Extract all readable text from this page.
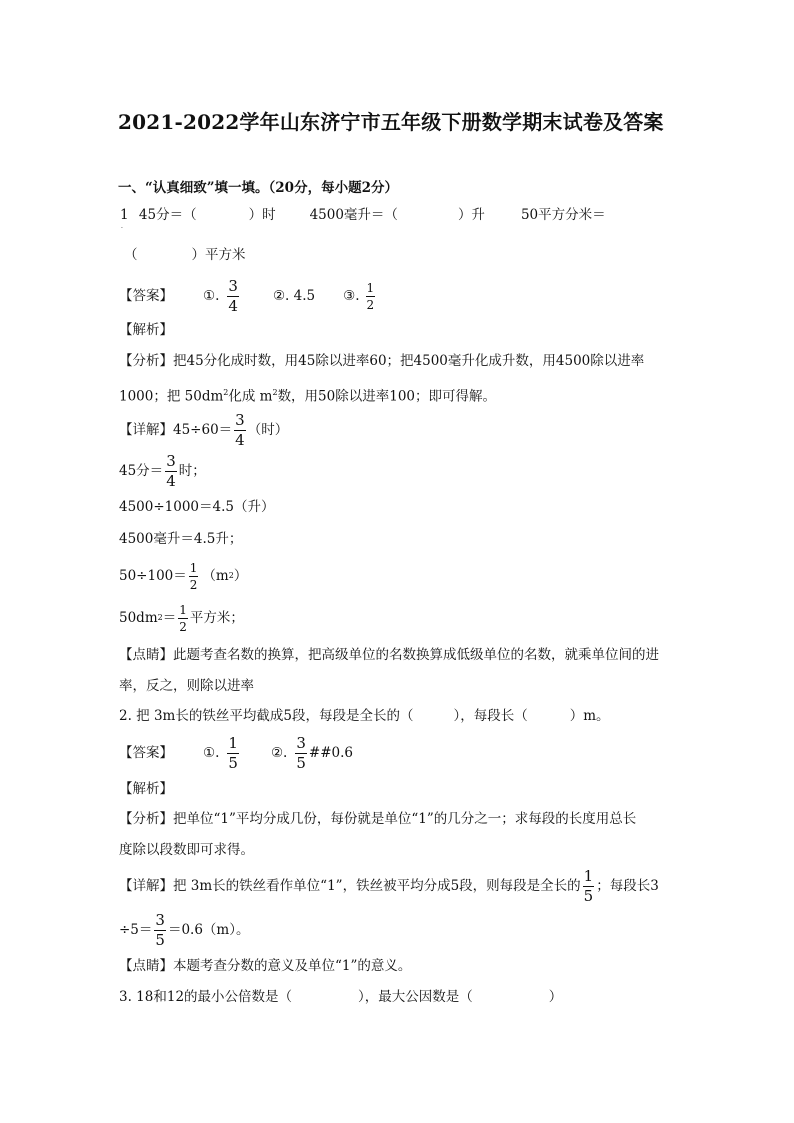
2021-2022学年山东济宁市五年级下册数学期末试卷及答案
一、“认真细致”填一填。（20分，每小题2分）
1 45分＝（	）时	4500毫升＝（	）升	50平方分米＝
·
（	）平方米
【答案】 ①. $\frac{3}{4}$	②. 4.5 ③. $\frac{1}{2}$
【解析】
【分析】把45分化成时数，用45除以进率60；把4500毫升化成升数，用4500除以进率
1000；把 $50dm^2$化成 $m^2$数，用50除以进率100；即可得解。
【详解】$45\div 60= \frac{3}{4}$ （时）
45分＝ $\frac{3}{4}$ 时；
4500÷1000＝4.5（升）
4500毫升＝4.5升；
$50\div 100= \frac{1}{2} (m$ 2 ）
50dm $2 = \frac{1}{2}$ 平方米；
【点睛】此题考查名数的换算，把高级单位的名数换算成低级单位的名数，就乘单位间的进
率，反之，则除以进率
2. 把 3m长的铁丝平均截成5段，每段是全长的（	），每段长（	）m。
【答案】 ①. $\frac{1}{5}$ ②. $\frac{3}{5}$ ##0.6
【解析】
【分析】把单位“1”平均分成几份，每份就是单位“1”的几分之一；求每段的长度用总长
度除以段数即可求得。
【详解】把 3m长的铁丝看作单位“1”，铁丝被平均分成5段，则每段是全长的 $\frac{1}{5}$ ；每段长3
$\div 5= \frac{3}{5} =0.6(m)$。
【点睛】本题考查分数的意义及单位“1”的意义。
3. 18和12的最小公倍数是（	），最大公因数是（	）
